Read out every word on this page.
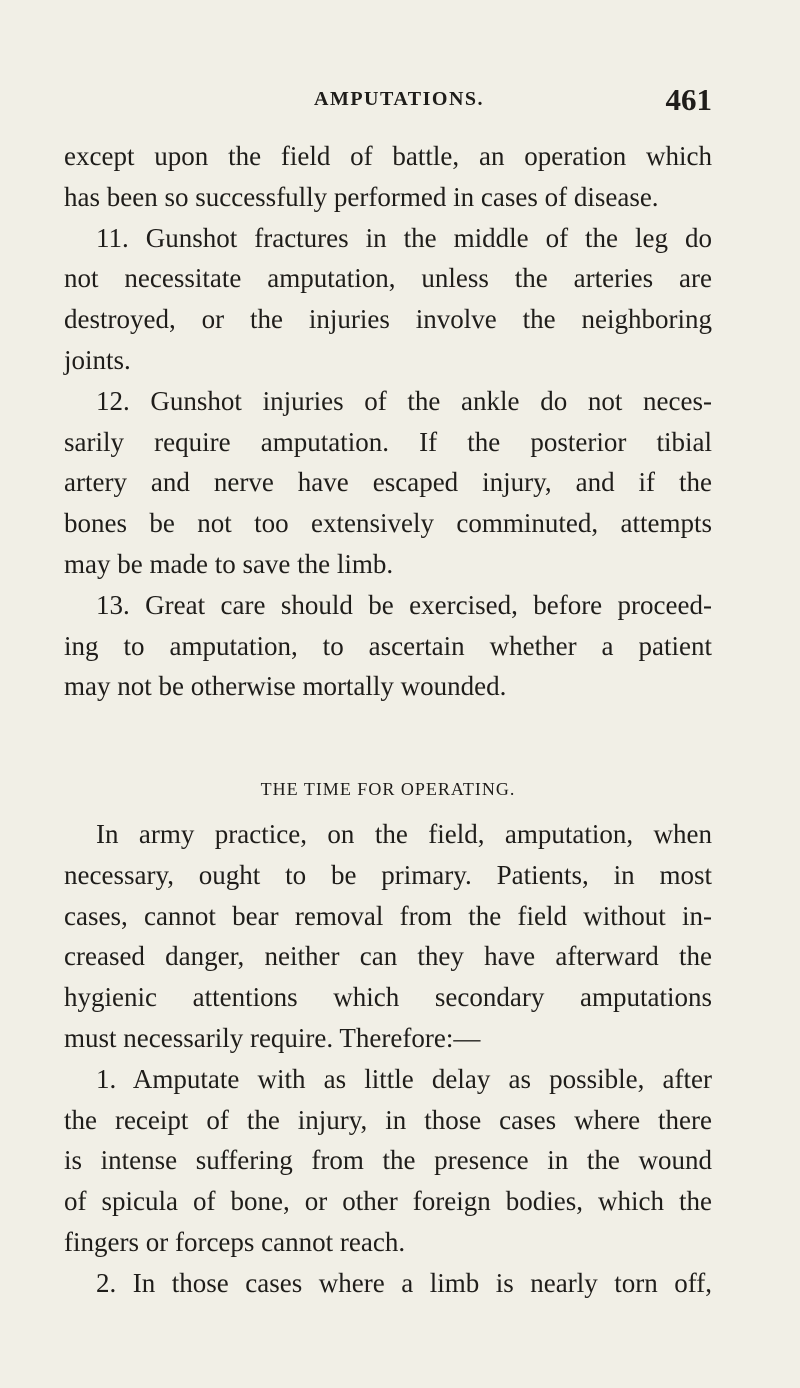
AMPUTATIONS.	461
except upon the field of battle, an operation which
has been so successfully performed in cases of disease.
11. Gunshot fractures in the middle of the leg do
not necessitate amputation, unless the arteries are
destroyed, or the injuries involve the neighboring
joints.
12. Gunshot injuries of the ankle do not neces-
sarily require amputation. If the posterior tibial
artery and nerve have escaped injury, and if the
bones be not too extensively comminuted, attempts
may be made to save the limb.
13. Great care should be exercised, before proceed-
ing to amputation, to ascertain whether a patient
may not be otherwise mortally wounded.
THE TIME FOR OPERATING.
In army practice, on the field, amputation, when
necessary, ought to be primary. Patients, in most
cases, cannot bear removal from the field without in-
creased danger, neither can they have afterward the
hygienic attentions which secondary amputations
must necessarily require. Therefore:—
1. Amputate with as little delay as possible, after
the receipt of the injury, in those cases where there
is intense suffering from the presence in the wound
of spicula of bone, or other foreign bodies, which the
fingers or forceps cannot reach.
2. In those cases where a limb is nearly torn off,
